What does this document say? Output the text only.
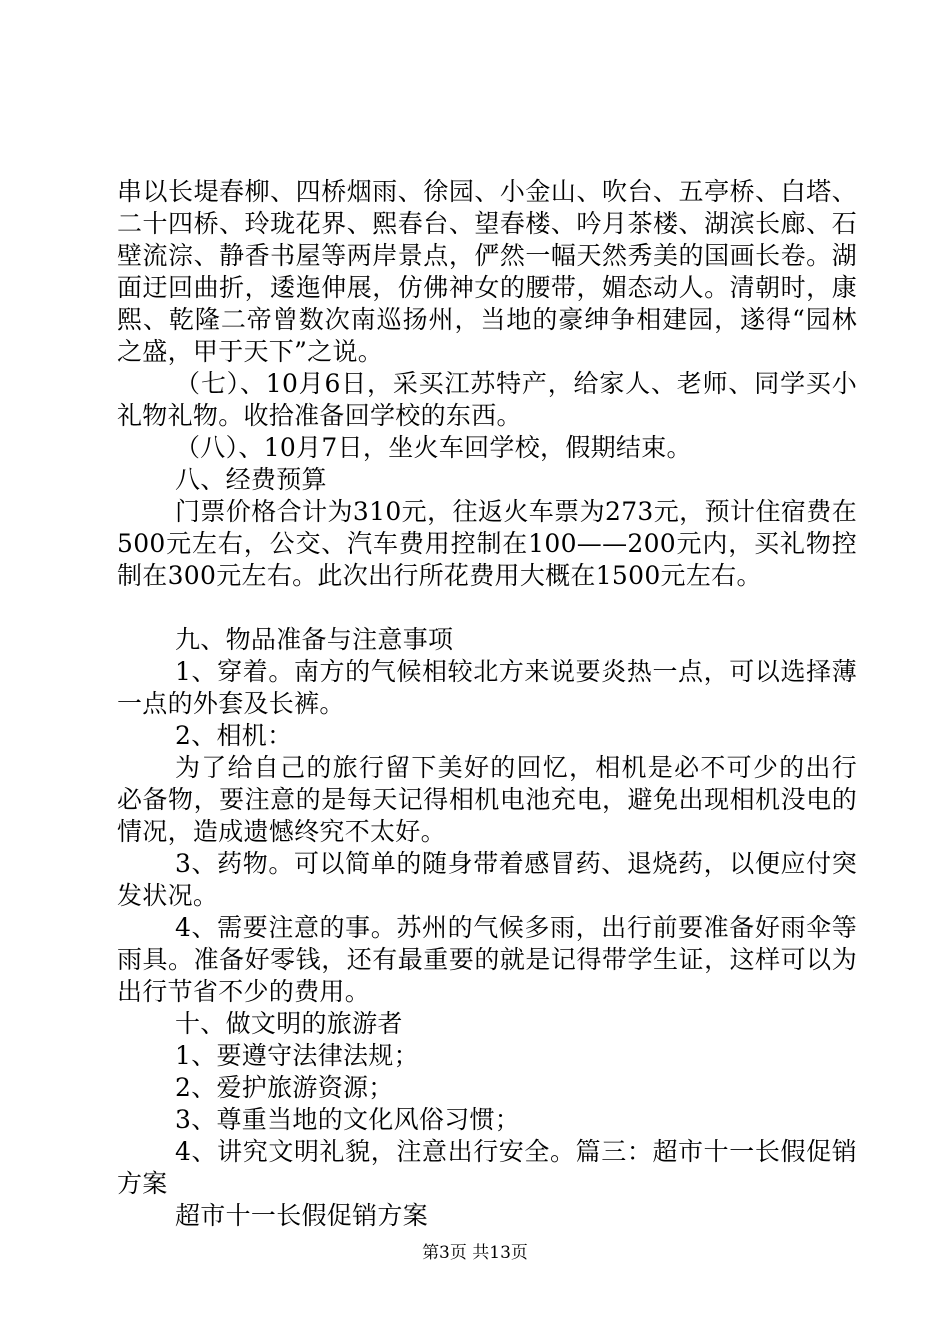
串以长堤春柳、四桥烟雨、徐园、小金山、吹台、五亭桥、白塔、二十四桥、玲珑花界、熙春台、望春楼、吟月茶楼、湖滨长廊、石壁流淙、静香书屋等两岸景点，俨然一幅天然秀美的国画长卷。湖面迂回曲折，逶迤伸展，仿佛神女的腰带，媚态动人。清朝时，康熙、乾隆二帝曾数次南巡扬州，当地的豪绅争相建园，遂得“园林之盛，甲于天下”之说。

（七）、10月6日，采买江苏特产，给家人、老师、同学买小礼物礼物。收拾准备回学校的东西。

（八）、10月7日，坐火车回学校，假期结束。

八、经费预算

门票价格合计为310元，往返火车票为273元，预计住宿费在500元左右，公交、汽车费用控制在100——200元内，买礼物控制在300元左右。此次出行所花费用大概在1500元左右。

九、物品准备与注意事项

1、穿着。南方的气候相较北方来说要炎热一点，可以选择薄一点的外套及长裤。

2、相机：

为了给自己的旅行留下美好的回忆，相机是必不可少的出行必备物，要注意的是每天记得相机电池充电，避免出现相机没电的情况，造成遗憾终究不太好。

3、药物。可以简单的随身带着感冒药、退烧药，以便应付突发状况。

4、需要注意的事。苏州的气候多雨，出行前要准备好雨伞等雨具。准备好零钱，还有最重要的就是记得带学生证，这样可以为出行节省不少的费用。

十、做文明的旅游者

1、要遵守法律法规；

2、爱护旅游资源；

3、尊重当地的文化风俗习惯；

4、讲究文明礼貌，注意出行安全。篇三：超市十一长假促销方案

超市十一长假促销方案

第3页 共13页
